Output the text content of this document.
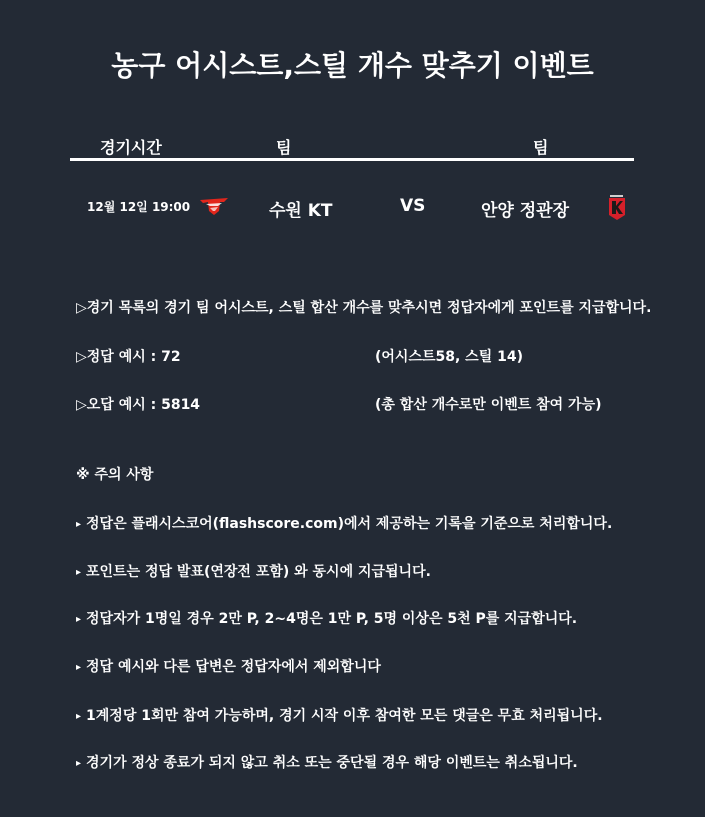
농구 어시스트,스틸 개수 맞추기 이벤트
경기시간	팀	팀
12월 12일 19:00	수원 KT	VS	안양 정관장
▷경기 목록의 경기 팀 어시스트, 스틸 합산 개수를 맞추시면 정답자에게 포인트를 지급합니다.
▷정답 예시 : 72	(어시스트58, 스틸 14)
▷오답 예시 : 5814	(총 합산 개수로만 이벤트 참여 가능)
※ 주의 사항
▸ 정답은 플래시스코어(flashscore.com)에서 제공하는 기록을 기준으로 처리합니다.
▸ 포인트는 정답 발표(연장전 포함) 와 동시에 지급됩니다.
▸ 정답자가 1명일 경우 2만 P, 2~4명은 1만 P, 5명 이상은 5천 P를 지급합니다.
▸ 정답 예시와 다른 답변은 정답자에서 제외합니다
▸ 1계정당 1회만 참여 가능하며, 경기 시작 이후 참여한 모든 댓글은 무효 처리됩니다.
▸ 경기가 정상 종료가 되지 않고 취소 또는 중단될 경우 해당 이벤트는 취소됩니다.
